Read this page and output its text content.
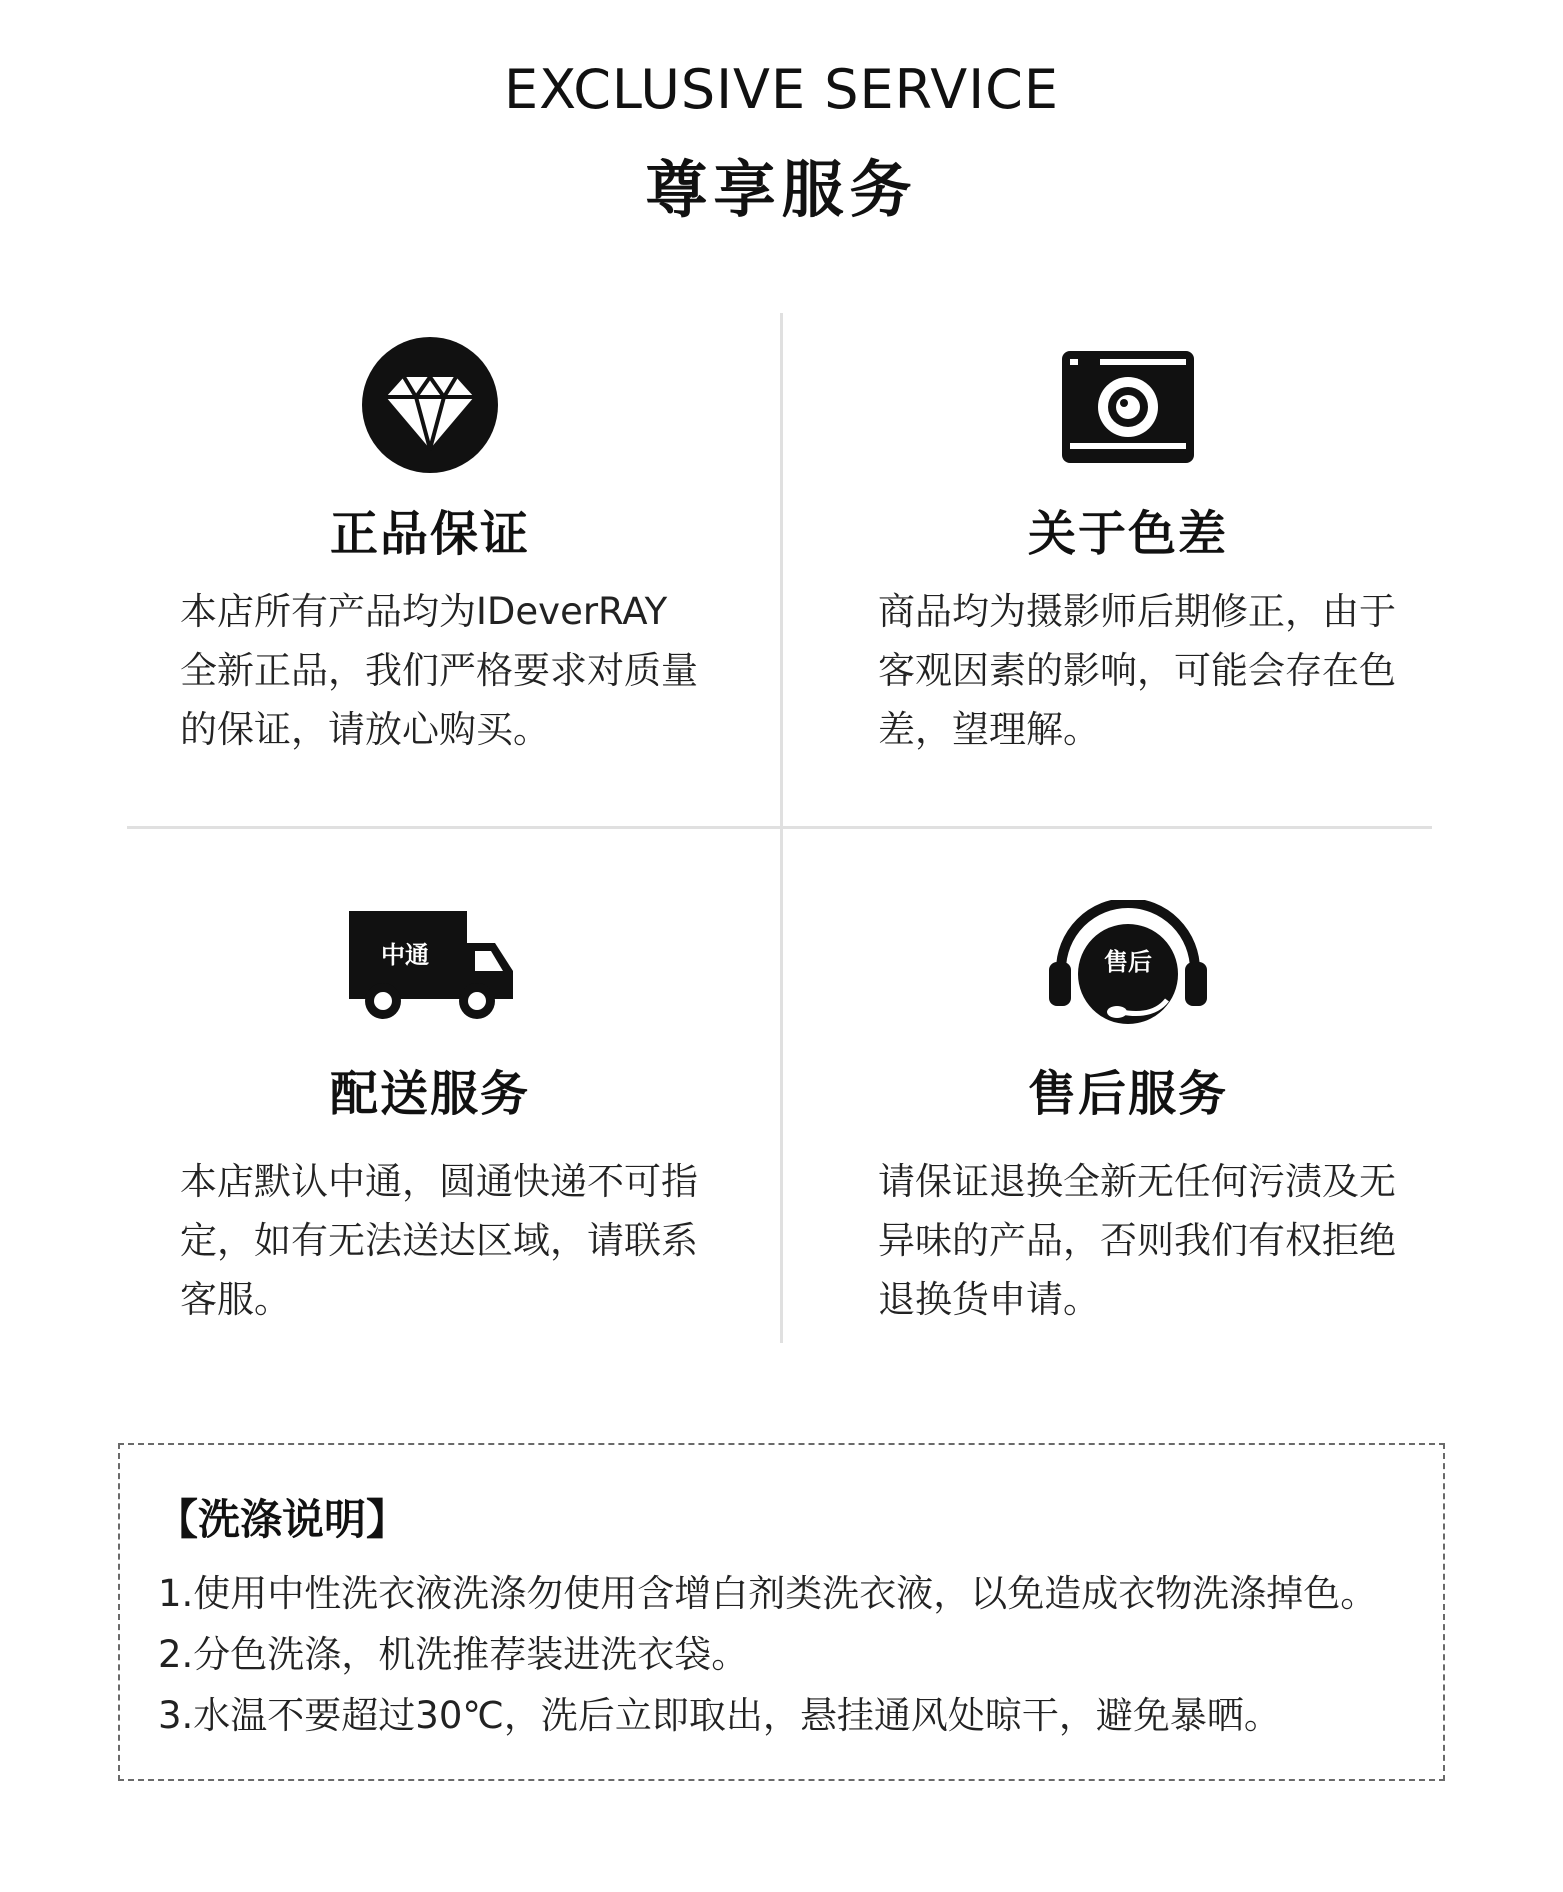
EXCLUSIVE SERVICE
尊享服务
正品保证
本店所有产品均为IDeverRAY全新正品，我们严格要求对质量的保证，请放心购买。
关于色差
商品均为摄影师后期修正，由于客观因素的影响，可能会存在色差，望理解。
中通
配送服务
本店默认中通，圆通快递不可指定，如有无法送达区域，请联系客服。
售后
售后服务
请保证退换全新无任何污渍及无异味的产品，否则我们有权拒绝退换货申请。
【洗涤说明】
1.使用中性洗衣液洗涤勿使用含增白剂类洗衣液，以免造成衣物洗涤掉色。
2.分色洗涤，机洗推荐装进洗衣袋。
3.水温不要超过30℃，洗后立即取出，悬挂通风处晾干，避免暴晒。
